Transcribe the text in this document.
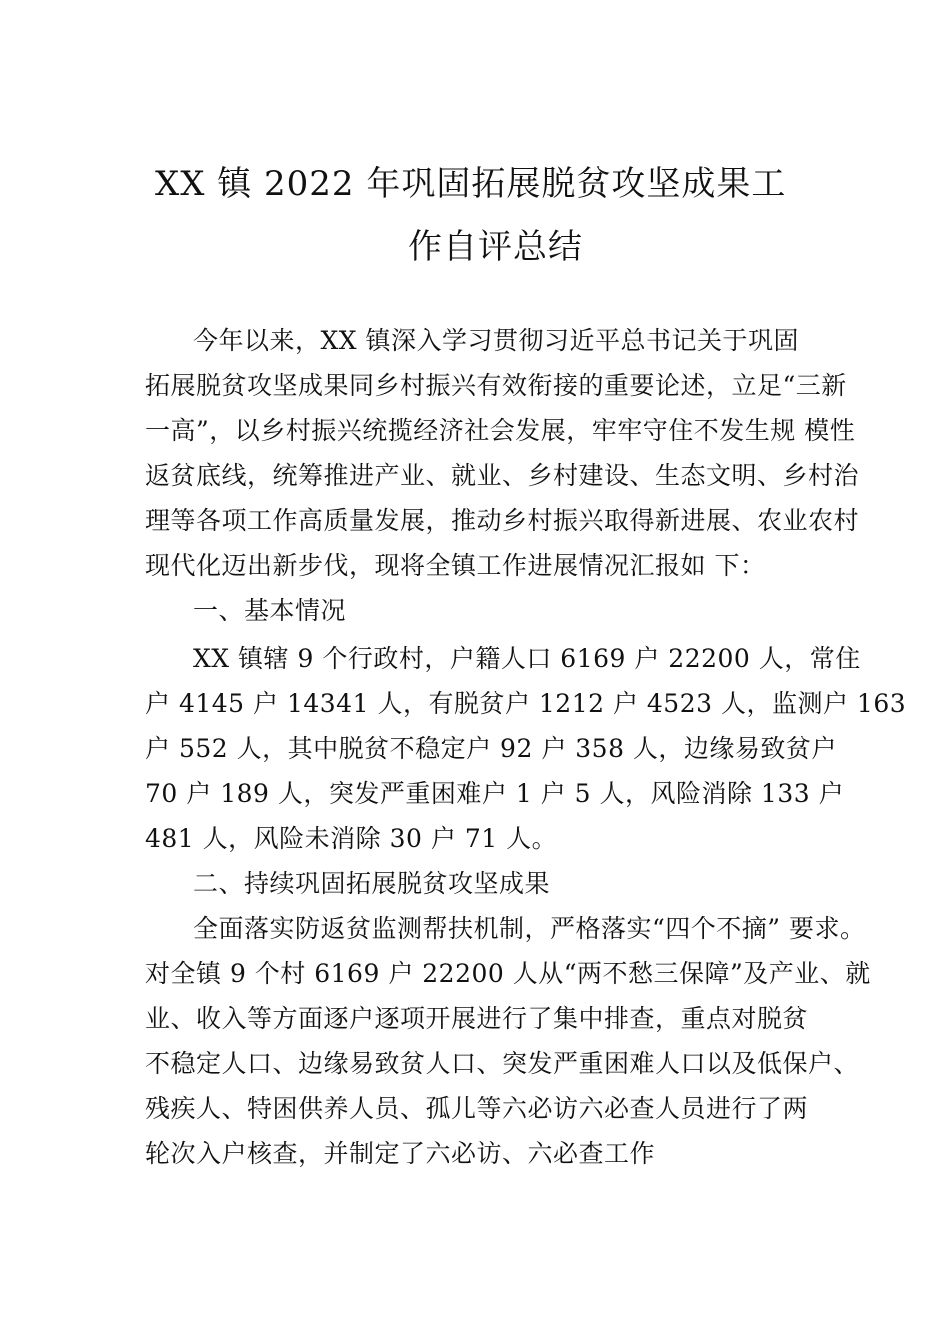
XX 镇 2022 年巩固拓展脱贫攻坚成果工
作自评总结
今年以来，XX 镇深入学习贯彻习近平总书记关于巩固
拓展脱贫攻坚成果同乡村振兴有效衔接的重要论述，立足“三新
一高”，以乡村振兴统揽经济社会发展，牢牢守住不发生规 模性
返贫底线，统筹推进产业、就业、乡村建设、生态文明、乡村治
理等各项工作高质量发展，推动乡村振兴取得新进展、农业农村
现代化迈出新步伐，现将全镇工作进展情况汇报如 下：
一、基本情况
XX 镇辖 9 个行政村，户籍人口 6169 户 22200 人，常住
户 4145 户 14341 人，有脱贫户 1212 户 4523 人，监测户 163
户 552 人，其中脱贫不稳定户 92 户 358 人，边缘易致贫户
70 户 189 人，突发严重困难户 1 户 5 人，风险消除 133 户
481 人，风险未消除 30 户 71 人。
二、持续巩固拓展脱贫攻坚成果
全面落实防返贫监测帮扶机制，严格落实“四个不摘” 要求。
对全镇 9 个村 6169 户 22200 人从“两不愁三保障”及产业、就
业、收入等方面逐户逐项开展进行了集中排查，重点对脱贫
不稳定人口、边缘易致贫人口、突发严重困难人口以及低保户、
残疾人、特困供养人员、孤儿等六必访六必查人员进行了两
轮次入户核查，并制定了六必访、六必查工作
